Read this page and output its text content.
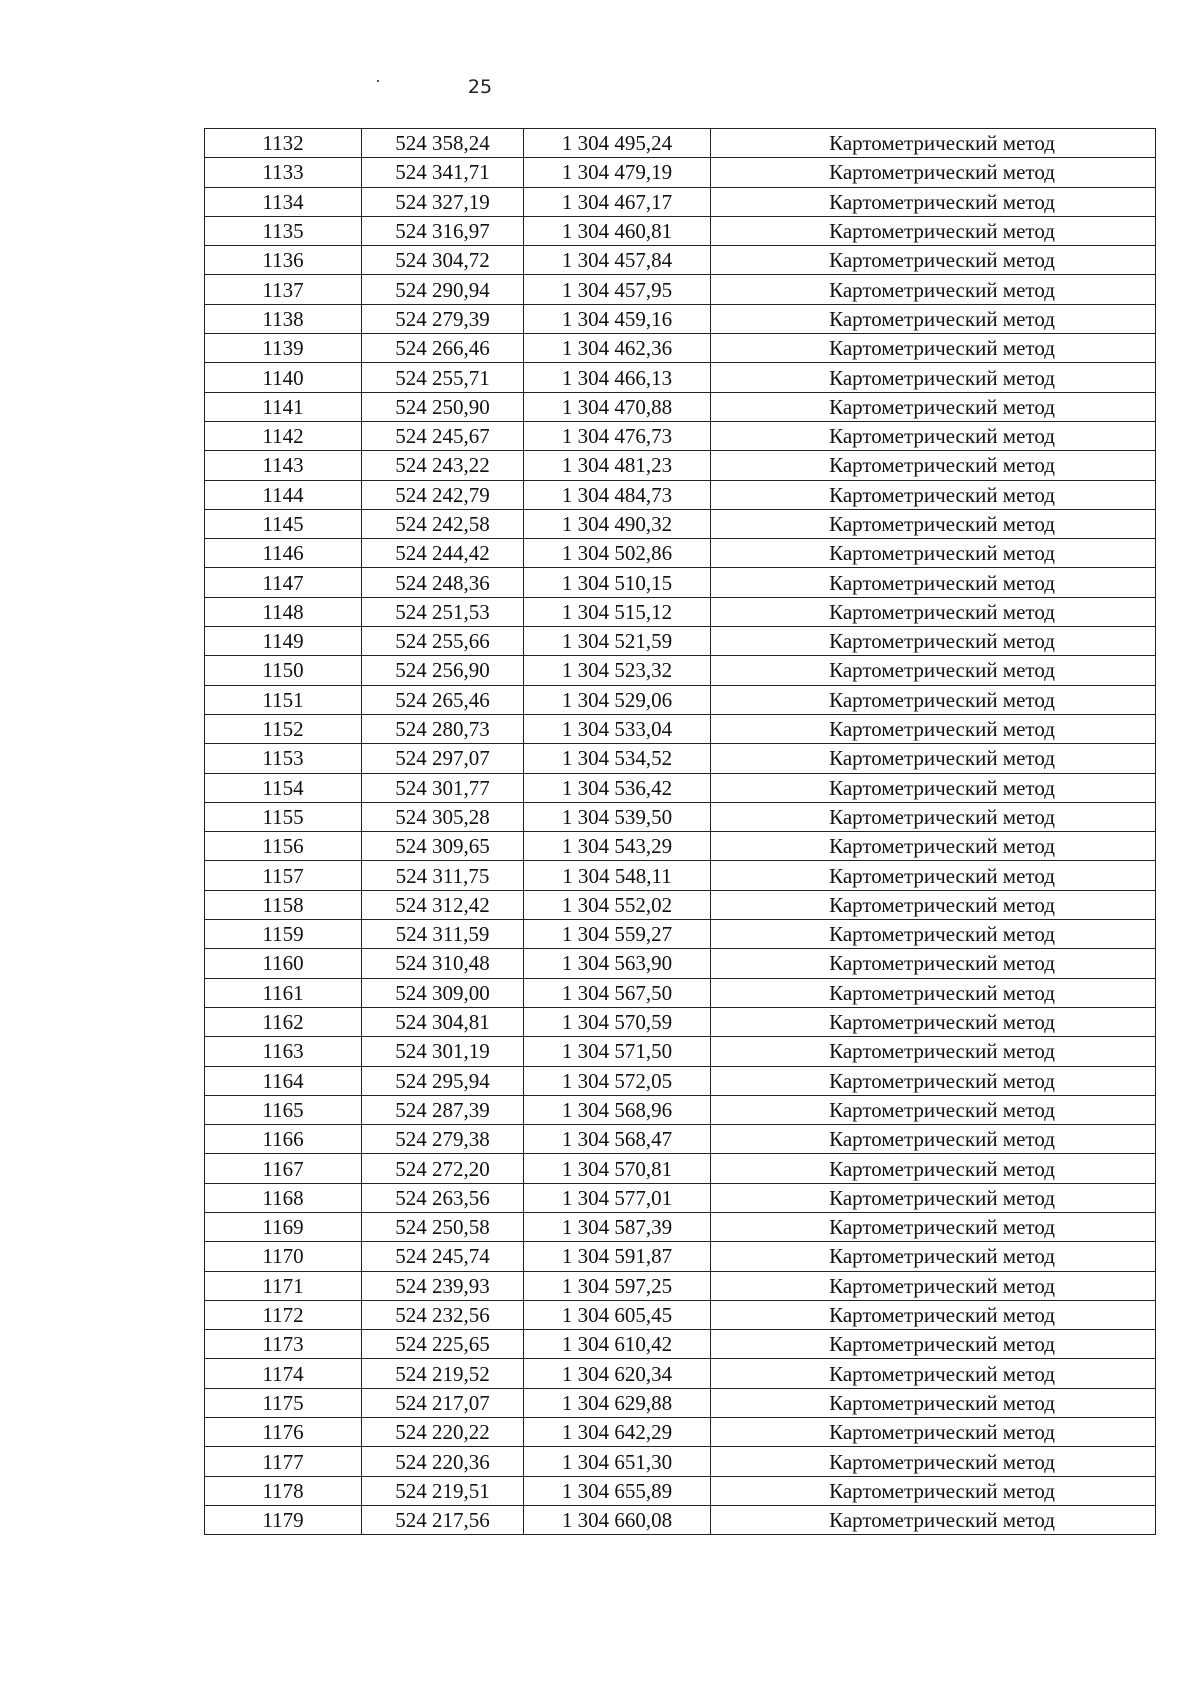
25
1132	524 358,24	1 304 495,24	Картометрический метод
1133	524 341,71	1 304 479,19	Картометрический метод
1134	524 327,19	1 304 467,17	Картометрический метод
1135	524 316,97	1 304 460,81	Картометрический метод
1136	524 304,72	1 304 457,84	Картометрический метод
1137	524 290,94	1 304 457,95	Картометрический метод
1138	524 279,39	1 304 459,16	Картометрический метод
1139	524 266,46	1 304 462,36	Картометрический метод
1140	524 255,71	1 304 466,13	Картометрический метод
1141	524 250,90	1 304 470,88	Картометрический метод
1142	524 245,67	1 304 476,73	Картометрический метод
1143	524 243,22	1 304 481,23	Картометрический метод
1144	524 242,79	1 304 484,73	Картометрический метод
1145	524 242,58	1 304 490,32	Картометрический метод
1146	524 244,42	1 304 502,86	Картометрический метод
1147	524 248,36	1 304 510,15	Картометрический метод
1148	524 251,53	1 304 515,12	Картометрический метод
1149	524 255,66	1 304 521,59	Картометрический метод
1150	524 256,90	1 304 523,32	Картометрический метод
1151	524 265,46	1 304 529,06	Картометрический метод
1152	524 280,73	1 304 533,04	Картометрический метод
1153	524 297,07	1 304 534,52	Картометрический метод
1154	524 301,77	1 304 536,42	Картометрический метод
1155	524 305,28	1 304 539,50	Картометрический метод
1156	524 309,65	1 304 543,29	Картометрический метод
1157	524 311,75	1 304 548,11	Картометрический метод
1158	524 312,42	1 304 552,02	Картометрический метод
1159	524 311,59	1 304 559,27	Картометрический метод
1160	524 310,48	1 304 563,90	Картометрический метод
1161	524 309,00	1 304 567,50	Картометрический метод
1162	524 304,81	1 304 570,59	Картометрический метод
1163	524 301,19	1 304 571,50	Картометрический метод
1164	524 295,94	1 304 572,05	Картометрический метод
1165	524 287,39	1 304 568,96	Картометрический метод
1166	524 279,38	1 304 568,47	Картометрический метод
1167	524 272,20	1 304 570,81	Картометрический метод
1168	524 263,56	1 304 577,01	Картометрический метод
1169	524 250,58	1 304 587,39	Картометрический метод
1170	524 245,74	1 304 591,87	Картометрический метод
1171	524 239,93	1 304 597,25	Картометрический метод
1172	524 232,56	1 304 605,45	Картометрический метод
1173	524 225,65	1 304 610,42	Картометрический метод
1174	524 219,52	1 304 620,34	Картометрический метод
1175	524 217,07	1 304 629,88	Картометрический метод
1176	524 220,22	1 304 642,29	Картометрический метод
1177	524 220,36	1 304 651,30	Картометрический метод
1178	524 219,51	1 304 655,89	Картометрический метод
1179	524 217,56	1 304 660,08	Картометрический метод
